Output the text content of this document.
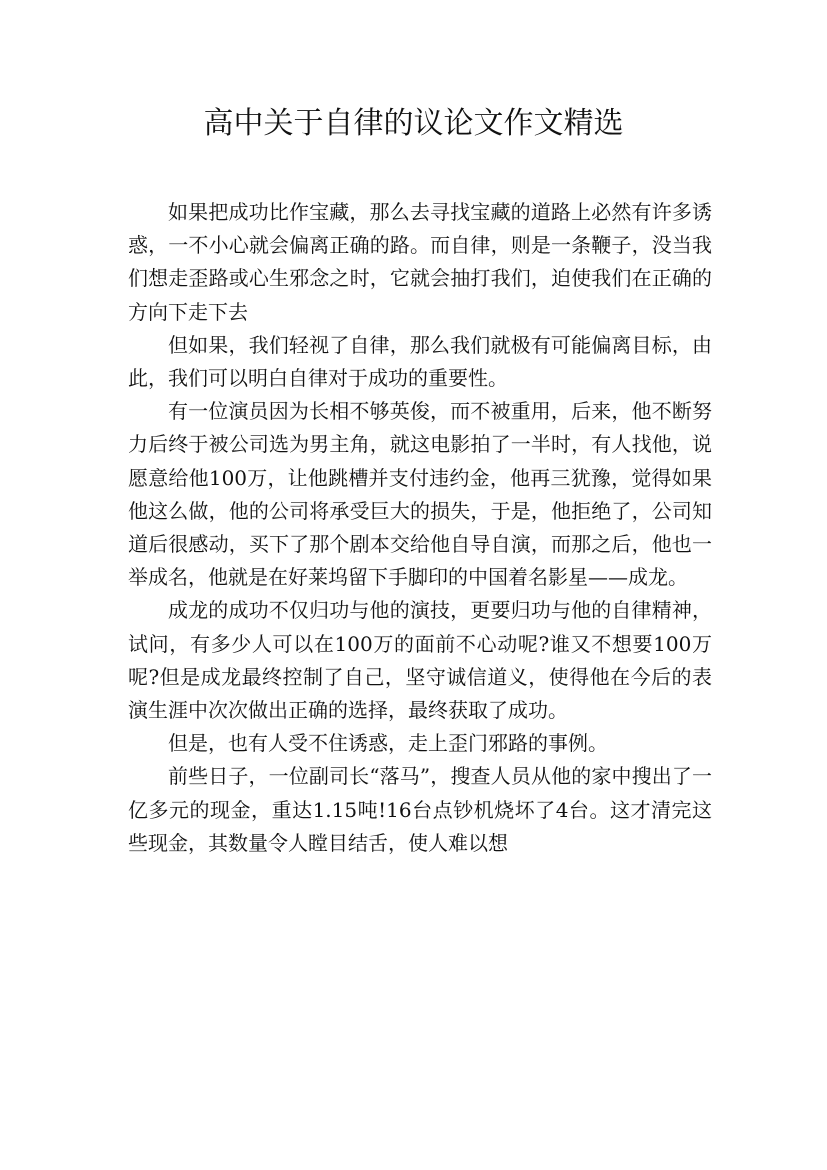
高中关于自律的议论文作文精选

如果把成功比作宝藏，那么去寻找宝藏的道路上必然有许多诱惑，一不小心就会偏离正确的路。而自律，则是一条鞭子，没当我们想走歪路或心生邪念之时，它就会抽打我们，迫使我们在正确的方向下走下去

但如果，我们轻视了自律，那么我们就极有可能偏离目标，由此，我们可以明白自律对于成功的重要性。

有一位演员因为长相不够英俊，而不被重用，后来，他不断努力后终于被公司选为男主角，就这电影拍了一半时，有人找他，说愿意给他100万，让他跳槽并支付违约金，他再三犹豫，觉得如果他这么做，他的公司将承受巨大的损失，于是，他拒绝了，公司知道后很感动，买下了那个剧本交给他自导自演，而那之后，他也一举成名，他就是在好莱坞留下手脚印的中国着名影星——成龙。

成龙的成功不仅归功与他的演技，更要归功与他的自律精神，试问，有多少人可以在100万的面前不心动呢?谁又不想要100万呢?但是成龙最终控制了自己，坚守诚信道义，使得他在今后的表演生涯中次次做出正确的选择，最终获取了成功。

但是，也有人受不住诱惑，走上歪门邪路的事例。

前些日子，一位副司长“落马”，搜查人员从他的家中搜出了一亿多元的现金，重达1.15吨!16台点钞机烧坏了4台。这才清完这些现金，其数量令人瞠目结舌，使人难以想
